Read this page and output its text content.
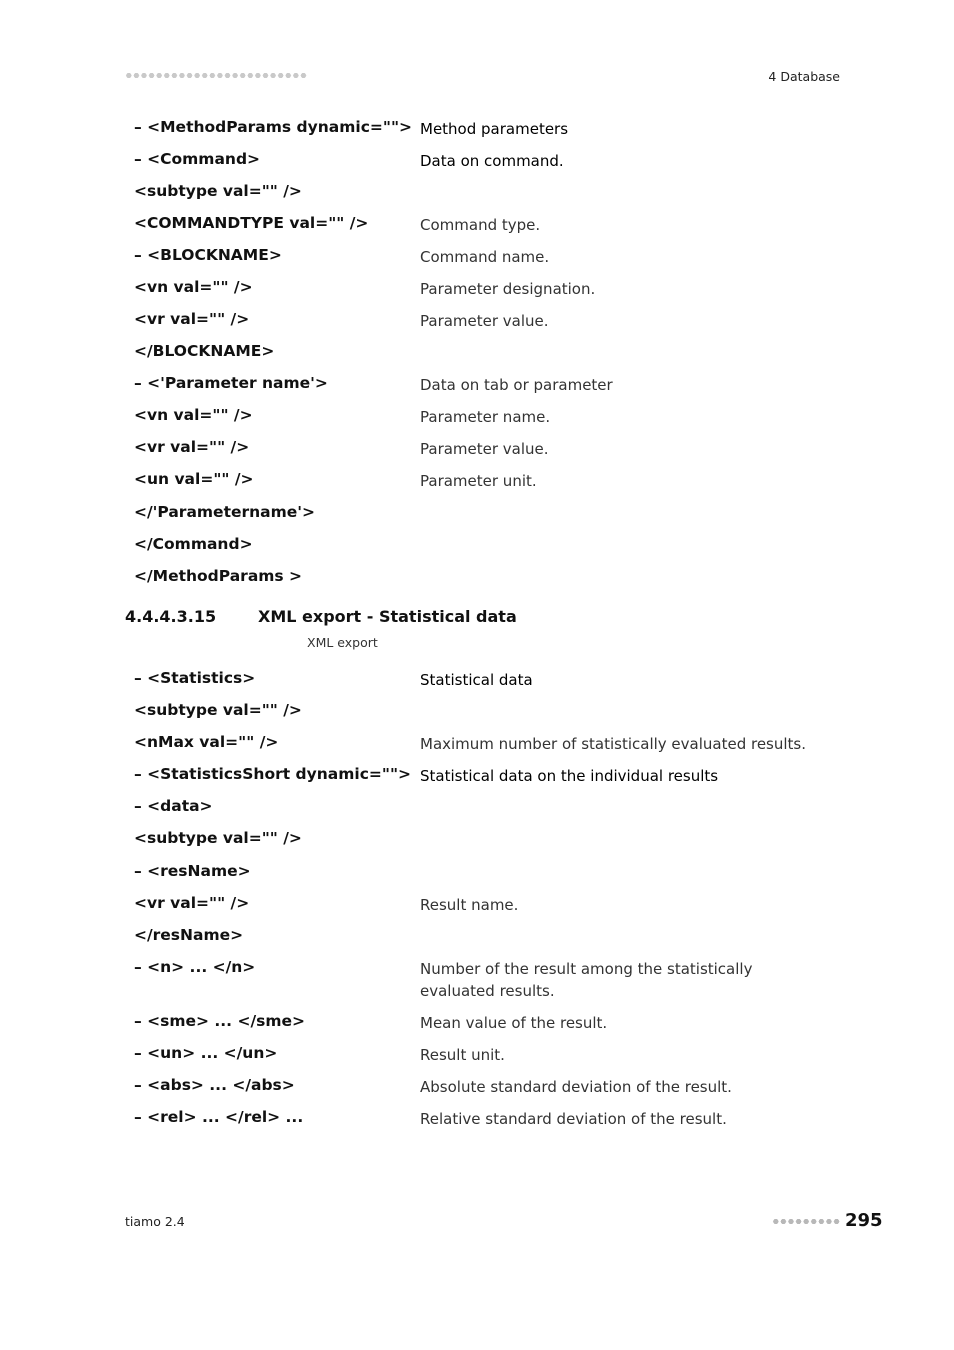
4 Database
– <MethodParams dynamic=""> Method parameters
– <Command>	Data on command.
<subtype val="" />
<COMMANDTYPE val="" />	Command type.
– <BLOCKNAME>	Command name.
<vn val="" />	Parameter designation.
<vr val="" />	Parameter value.
</BLOCKNAME>
– <'Parameter name'>	Data on tab or parameter
<vn val="" />	Parameter name.
<vr val="" />	Parameter value.
<un val="" />	Parameter unit.
</'Parametername'>
</Command>
</MethodParams >
4.4.4.3.15	XML export - Statistical data
XML export
– <Statistics>	Statistical data
<subtype val="" />
<nMax val="" />	Maximum number of statistically evaluated results.
– <StatisticsShort dynamic=""> Statistical data on the individual results
– <data>
<subtype val="" />
– <resName>
<vr val="" />	Result name.
</resName>
– <n> ... </n>	Number of the result among the statistically evaluated results.
– <sme> ... </sme>	Mean value of the result.
– <un> ... </un>	Result unit.
– <abs> ... </abs>	Absolute standard deviation of the result.
– <rel> ... </rel> ...	Relative standard deviation of the result.
tiamo 2.4	295
